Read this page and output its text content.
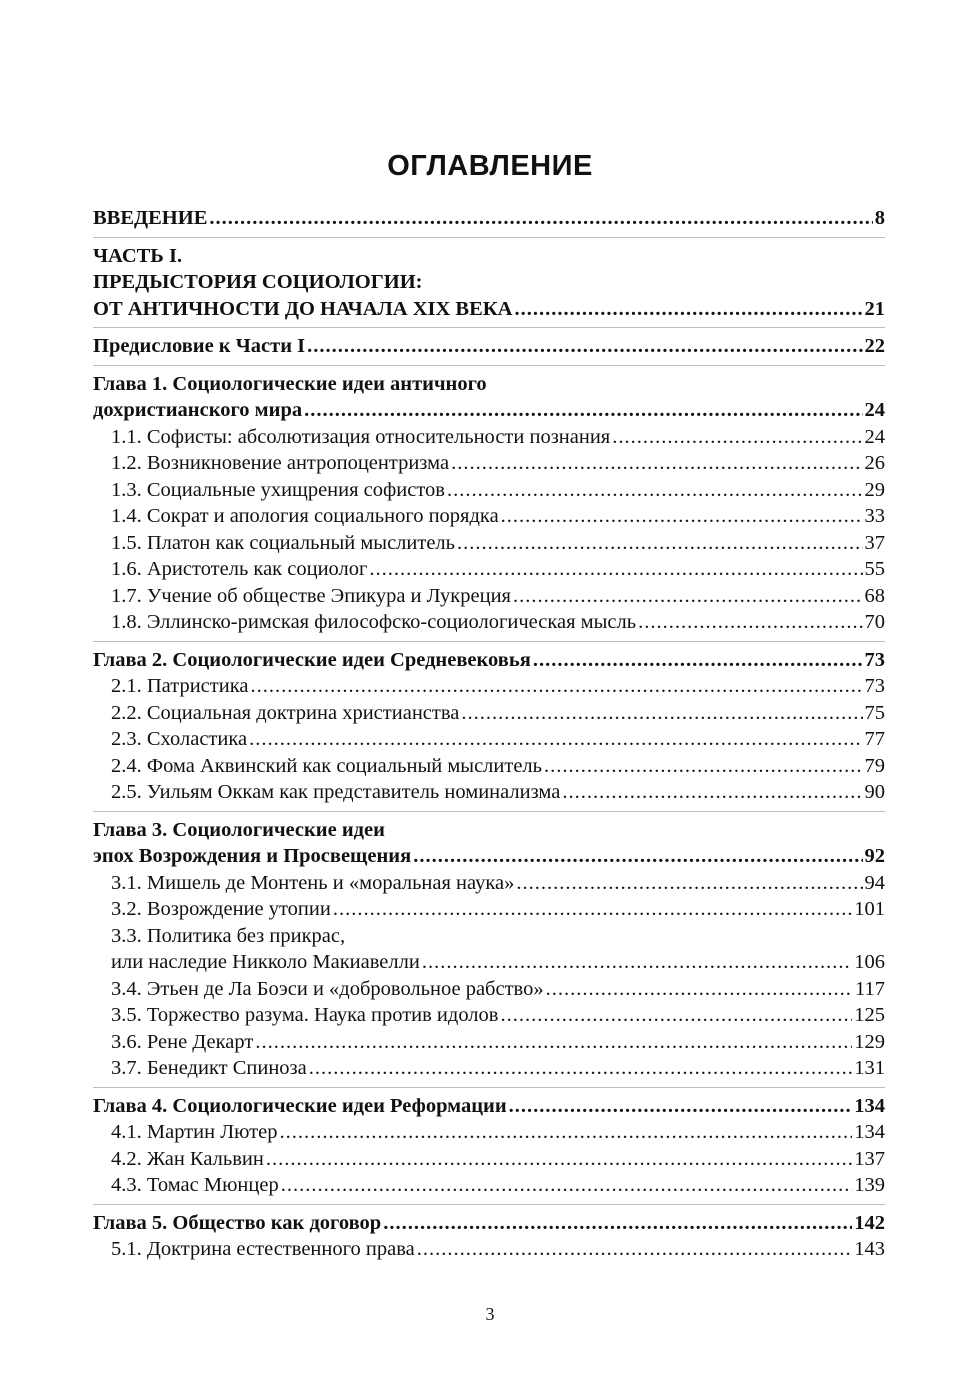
ОГЛАВЛЕНИЕ
ВВЕДЕНИЕ .....	8
ЧАСТЬ I.
ПРЕДЫСТОРИЯ СОЦИОЛОГИИ:
ОТ АНТИЧНОСТИ ДО НАЧАЛА XIX ВЕКА .....	21
Предисловие к Части I .....	22
Глава 1. Социологические идеи античного
дохристианского мира .....	24
1.1. Софисты: абсолютизация относительности познания .....	24
1.2. Возникновение антропоцентризма .....	26
1.3. Социальные ухищрения софистов .....	29
1.4. Сократ и апология социального порядка .....	33
1.5. Платон как социальный мыслитель .....	37
1.6. Аристотель как социолог .....	55
1.7. Учение об обществе Эпикура и Лукреция .....	68
1.8. Эллинско-римская философско-социологическая мысль .....	70
Глава 2. Социологические идеи Средневековья .....	73
2.1. Патристика .....	73
2.2. Социальная доктрина христианства .....	75
2.3. Схоластика .....	77
2.4. Фома Аквинский как социальный мыслитель .....	79
2.5. Уильям Оккам как представитель номинализма .....	90
Глава 3. Социологические идеи
эпох Возрождения и Просвещения .....	92
3.1. Мишель де Монтень и «моральная наука» .....	94
3.2. Возрождение утопии .....	101
3.3. Политика без прикрас,
или наследие Никколо Макиавелли .....	106
3.4. Этьен де Ла Боэси и «добровольное рабство» .....	117
3.5. Торжество разума. Наука против идолов .....	125
3.6. Рене Декарт .....	129
3.7. Бенедикт Спиноза .....	131
Глава 4. Социологические идеи Реформации .....	134
4.1. Мартин Лютер .....	134
4.2. Жан Кальвин .....	137
4.3. Томас Мюнцер .....	139
Глава 5. Общество как договор .....	142
5.1. Доктрина естественного права .....	143
3
